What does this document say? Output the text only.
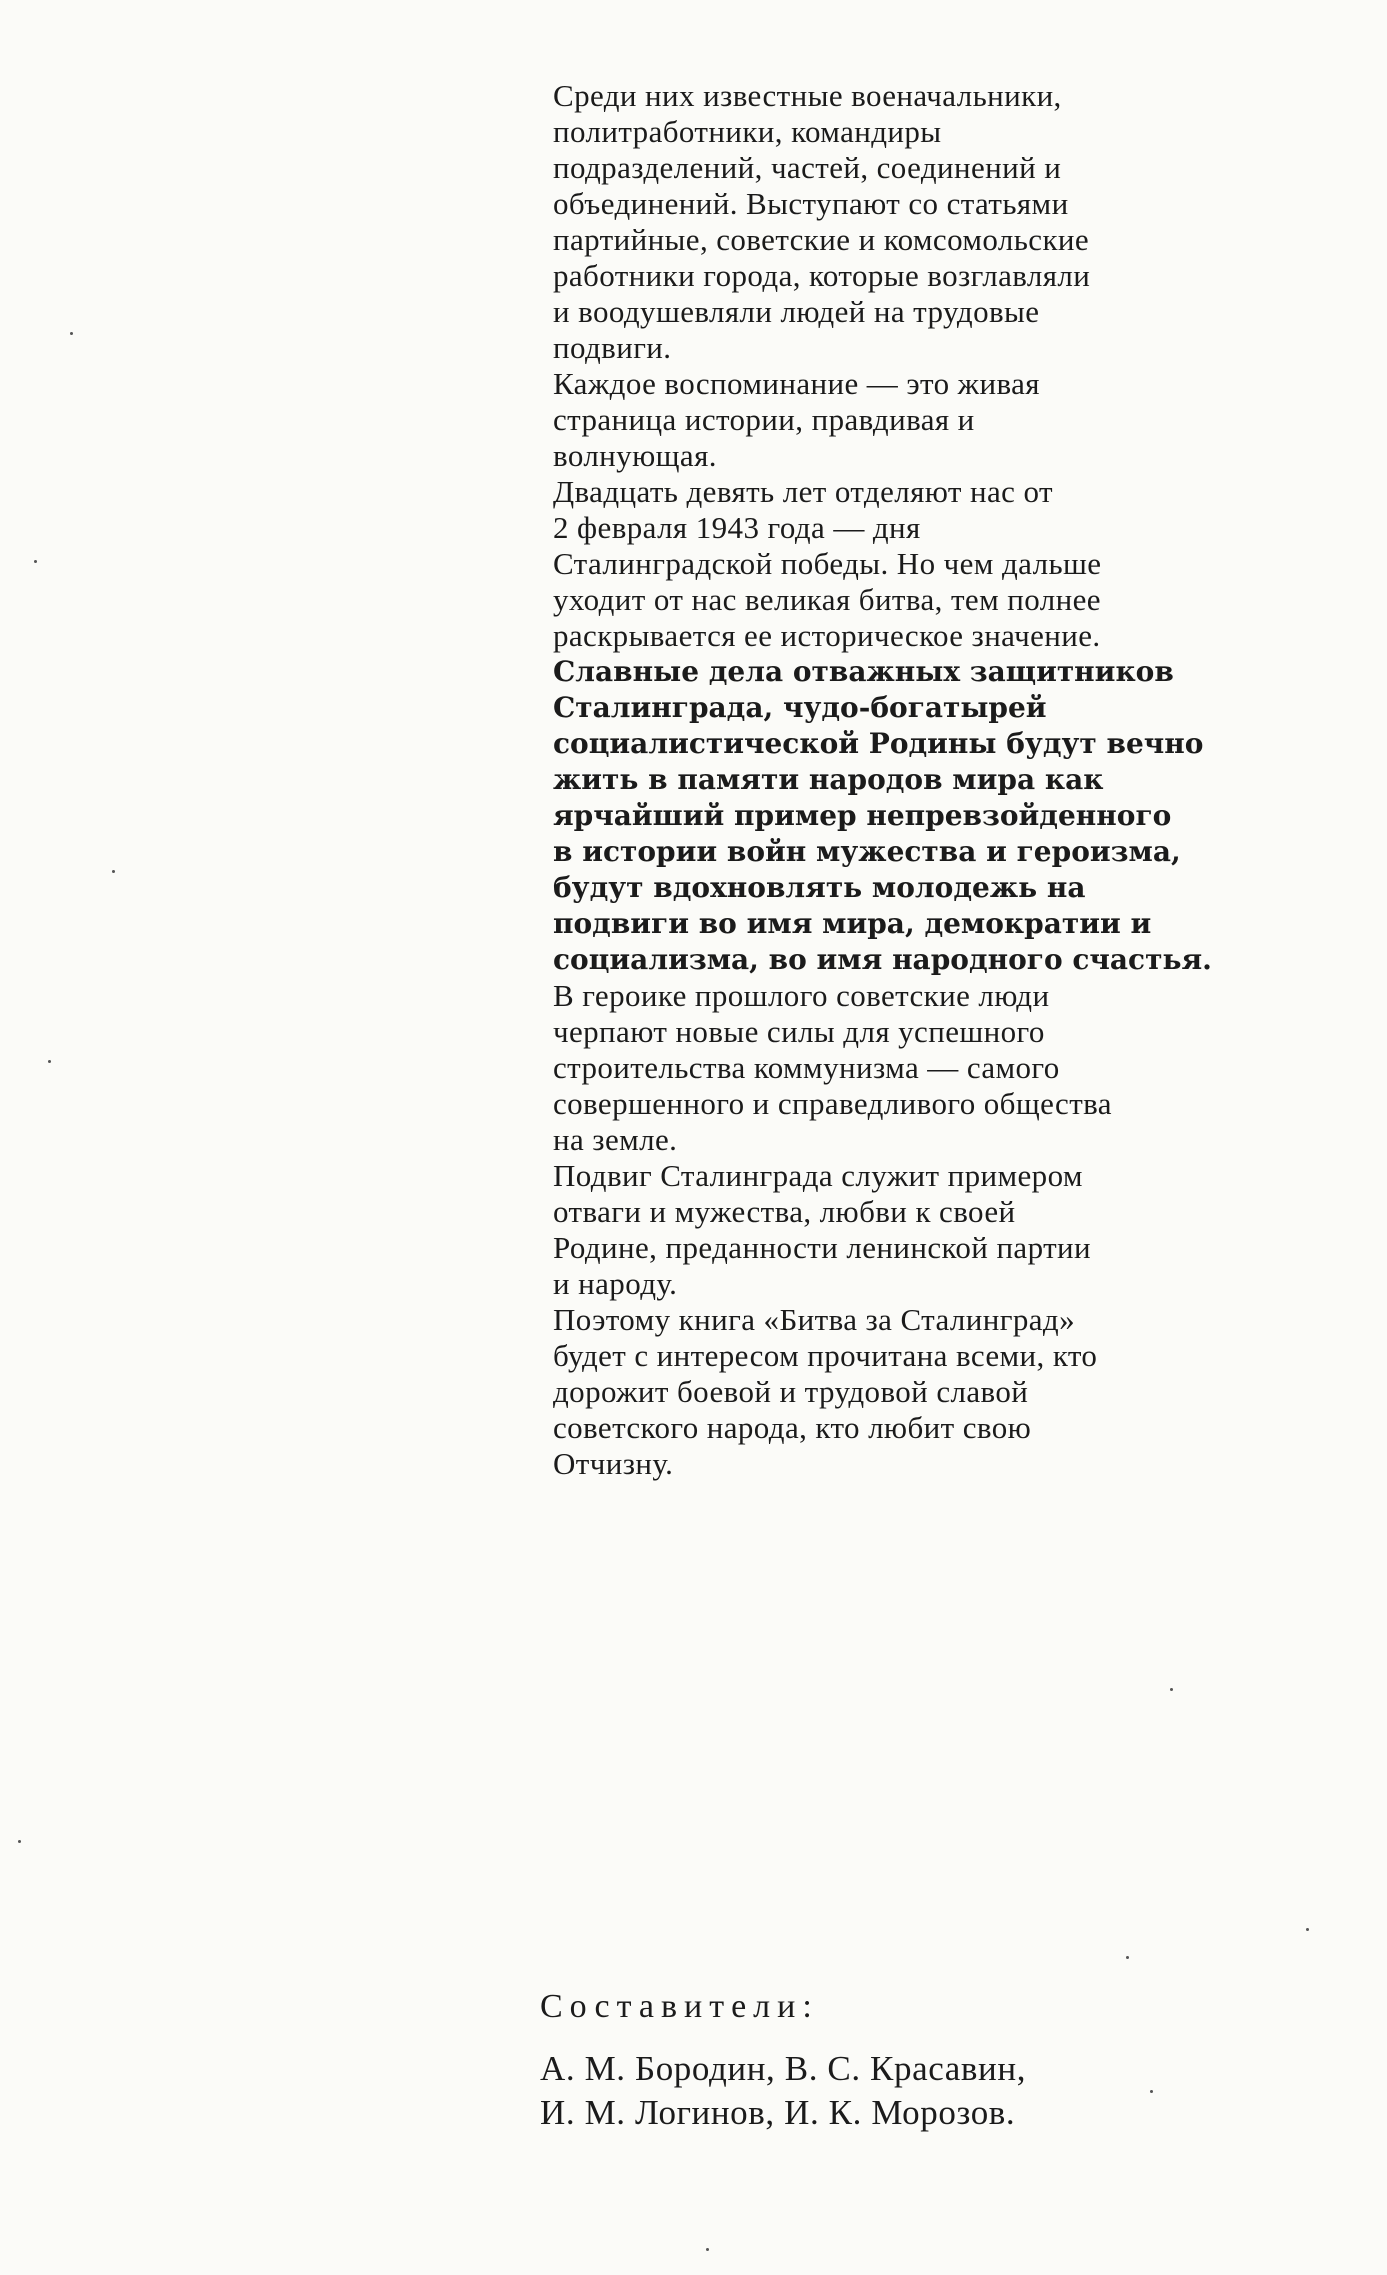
Среди них известные военачальники,
политработники, командиры
подразделений, частей, соединений и
объединений. Выступают со статьями
партийные, советские и комсомольские
работники города, которые возглавляли
и воодушевляли людей на трудовые
подвиги.
Каждое воспоминание — это живая
страница истории, правдивая и
волнующая.
Двадцать девять лет отделяют нас от
2 февраля 1943 года — дня
Сталинградской победы. Но чем дальше
уходит от нас великая битва, тем полнее
раскрывается ее историческое значение.
Славные дела отважных защитников
Сталинграда, чудо-богатырей
социалистической Родины будут вечно
жить в памяти народов мира как
ярчайший пример непревзойденного
в истории войн мужества и героизма,
будут вдохновлять молодежь на
подвиги во имя мира, демократии и
социализма, во имя народного счастья.
В героике прошлого советские люди
черпают новые силы для успешного
строительства коммунизма — самого
совершенного и справедливого общества
на земле.
Подвиг Сталинграда служит примером
отваги и мужества, любви к своей
Родине, преданности ленинской партии
и народу.
Поэтому книга «Битва за Сталинград»
будет с интересом прочитана всеми, кто
дорожит боевой и трудовой славой
советского народа, кто любит свою
Отчизну.
Составители:
А. М. Бородин, В. С. Красавин,
И. М. Логинов, И. К. Морозов.
